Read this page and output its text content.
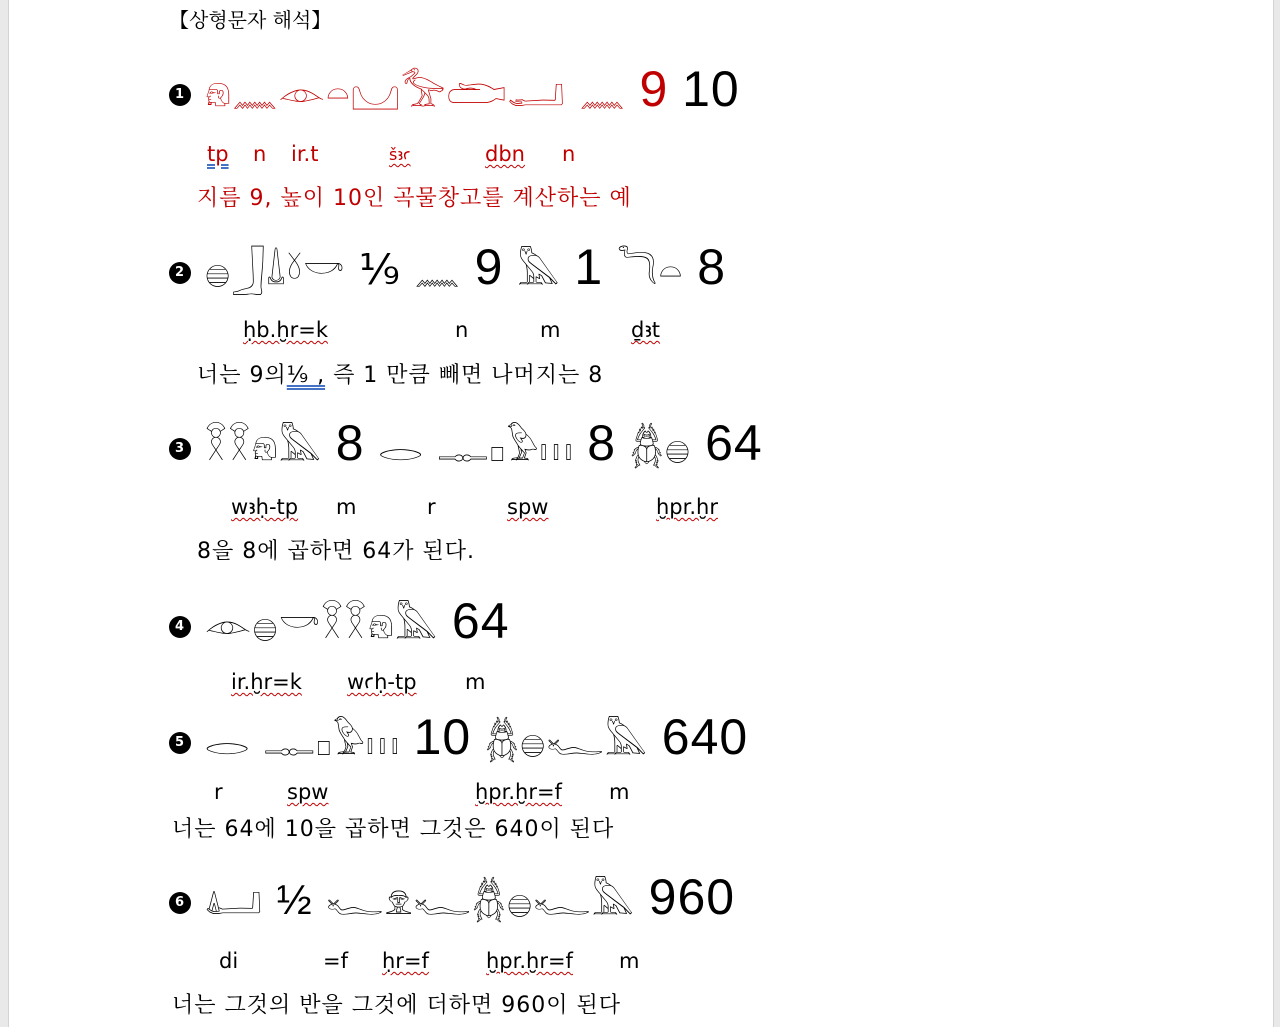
【상형문자 해석】
1 𓁶𓈖𓁹𓏏𓈋𓅡𓂧𓂝 𓈖 9 10
tp n ir.t	šꜣꜥ	dbn n
지름 9, 높이 10인 곡물창고를 계산하는 예
2 𓐍𓃀𓍑𓍱𓎡 ⅑ 𓈖 9 𓅓 1 𓆓𓏏 8
ḥb.ḫr=k	n	m	ḏꜣt
너는 9의⅑ , 즉 1 만큼 빼면 나머지는 8
3 𓎝𓎝𓁶𓅓 8 𓂋 𓊃𓊪𓅱𓏥 8 𓆣𓐍 64
wꜣḥ-tp m	r	spw	ḫpr.ḫr
8을 8에 곱하면 64가 된다.
4 𓁹𓐍𓎡𓎝𓎝𓁶𓅓 64
ir.ḫr=k wꜥḥ-tp m
5 𓂋 𓊃𓊪𓅱𓏥 10 𓆣𓐍𓆑𓅓 640
r	spw	ḫpr.ḫr=f m
너는 64에 10을 곱하면 그것은 640이 된다
6 𓂞 ½ 𓆑𓁷𓆑𓆣𓐍𓆑𓅓 960
di	=f ḥr=f	ḫpr.ḫr=f m
너는 그것의 반을 그것에 더하면 960이 된다
